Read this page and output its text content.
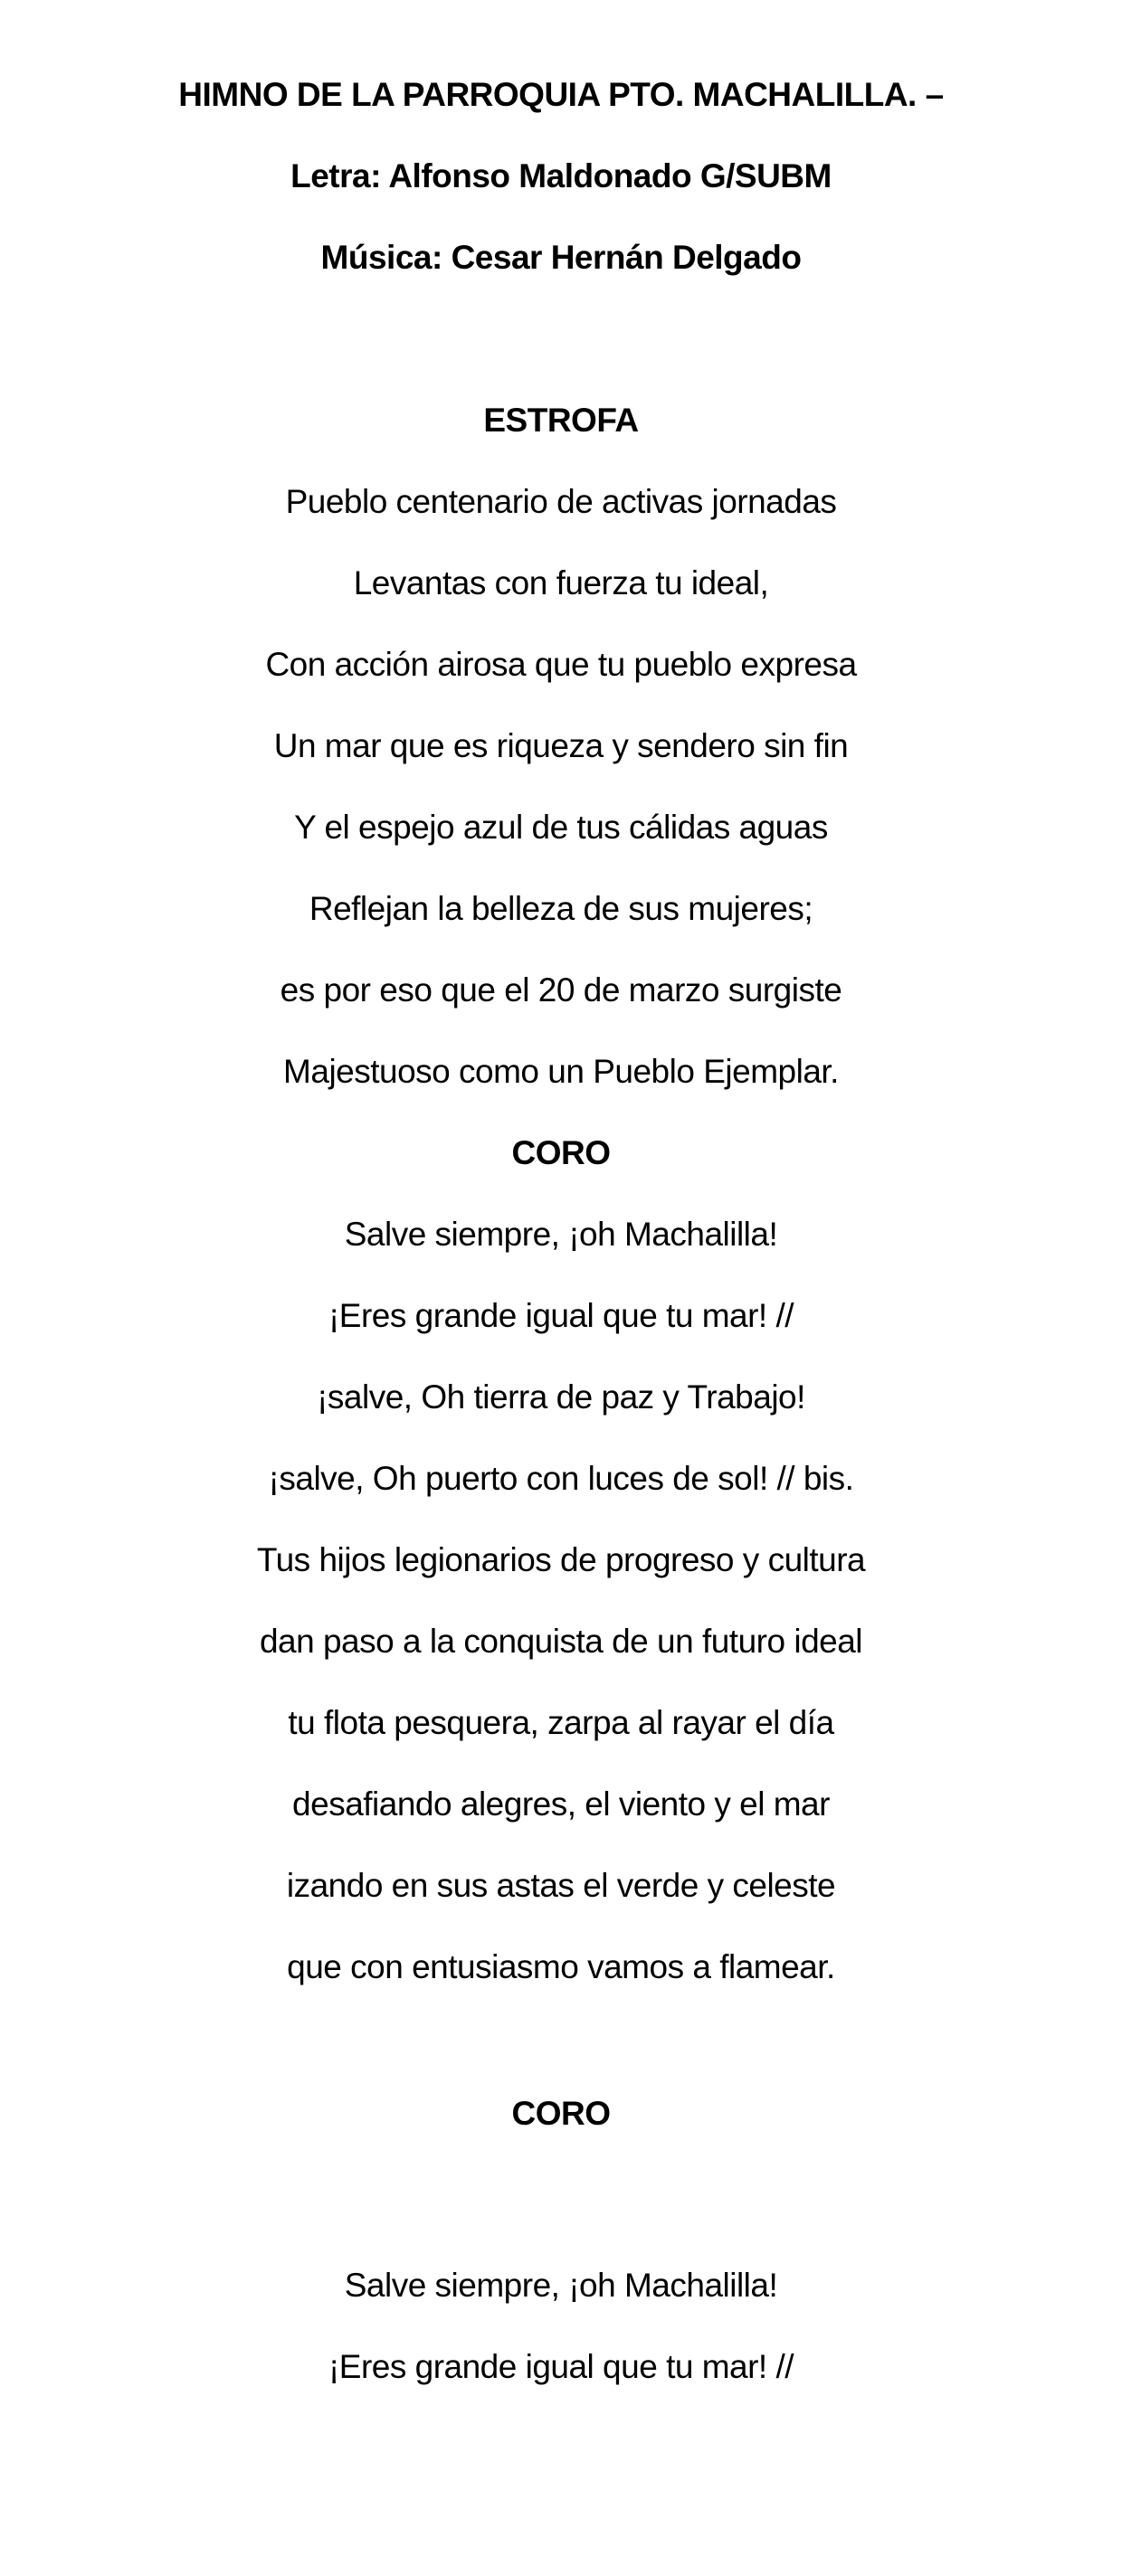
HIMNO DE LA PARROQUIA PTO. MACHALILLA. –
Letra: Alfonso Maldonado G/SUBM
Música: Cesar Hernán Delgado
ESTROFA
Pueblo centenario de activas jornadas
Levantas con fuerza tu ideal,
Con acción airosa que tu pueblo expresa
Un mar que es riqueza y sendero sin fin
Y el espejo azul de tus cálidas aguas
Reflejan la belleza de sus mujeres;
es por eso que el 20 de marzo surgiste
Majestuoso como un Pueblo Ejemplar.
CORO
Salve siempre, ¡oh Machalilla!
¡Eres grande igual que tu mar! //
¡salve, Oh tierra de paz y Trabajo!
¡salve, Oh puerto con luces de sol! // bis.
Tus hijos legionarios de progreso y cultura
dan paso a la conquista de un futuro ideal
tu flota pesquera, zarpa al rayar el día
desafiando alegres, el viento y el mar
izando en sus astas el verde y celeste
que con entusiasmo vamos a flamear.
CORO
Salve siempre, ¡oh Machalilla!
¡Eres grande igual que tu mar! //
